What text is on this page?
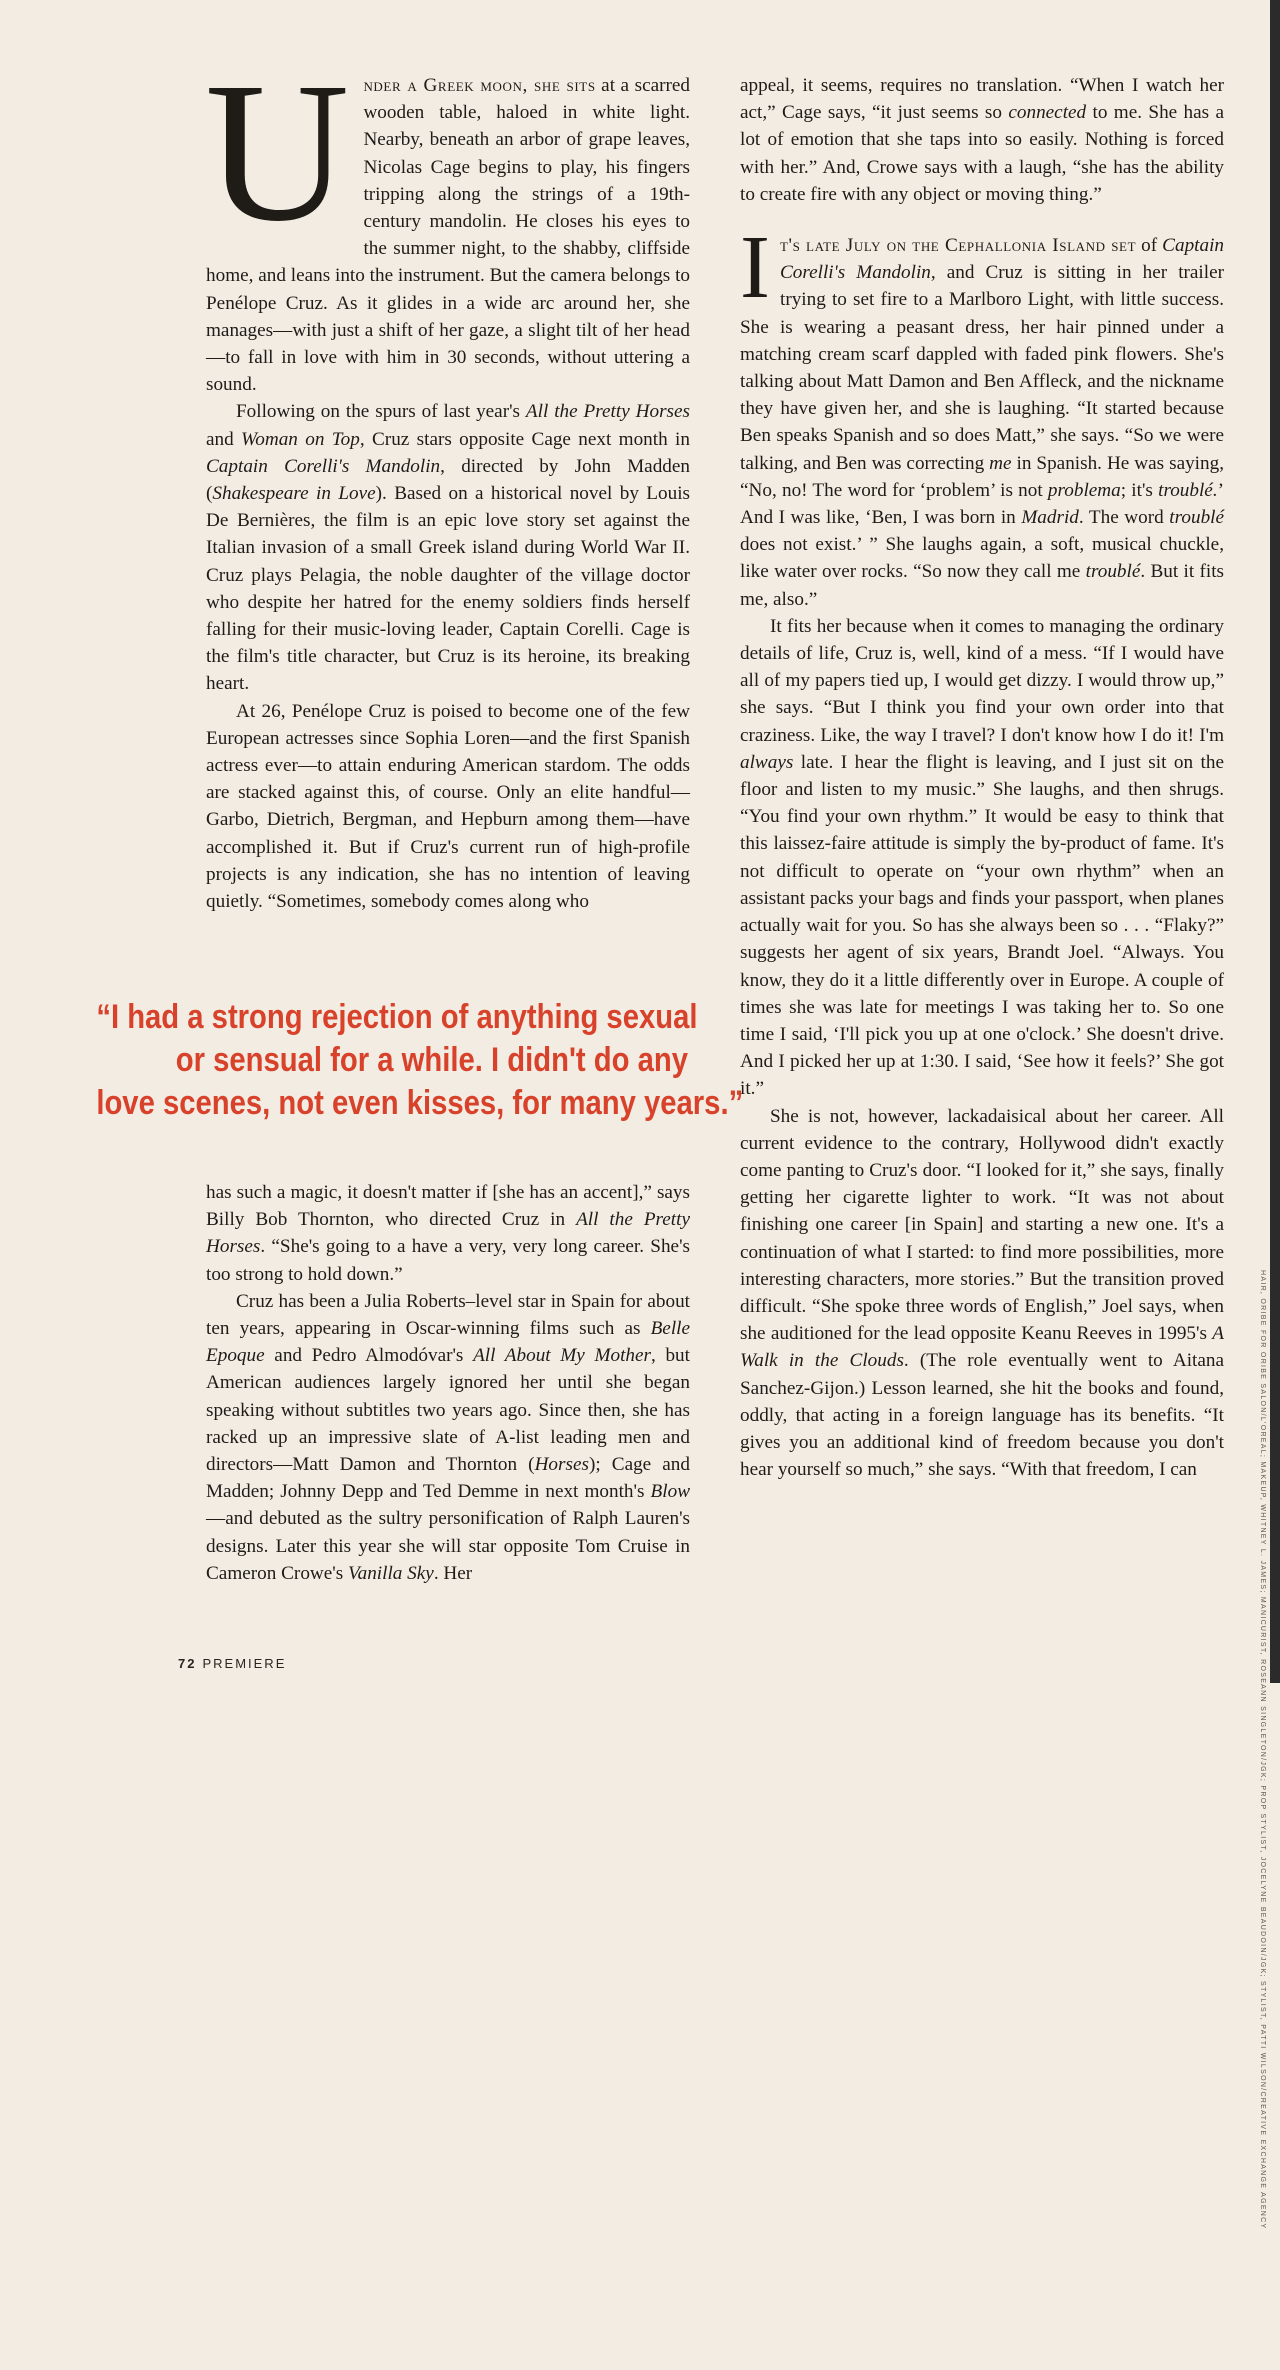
Under a Greek moon, she sits at a scarred wooden table, haloed in white light. Nearby, beneath an arbor of grape leaves, Nicolas Cage begins to play, his fingers tripping along the strings of a 19th-century mandolin. He closes his eyes to the summer night, to the shabby, cliffside home, and leans into the instrument. But the camera belongs to Penélope Cruz. As it glides in a wide arc around her, she manages—with just a shift of her gaze, a slight tilt of her head—to fall in love with him in 30 seconds, without uttering a sound.

Following on the spurs of last year's All the Pretty Horses and Woman on Top, Cruz stars opposite Cage next month in Captain Corelli's Mandolin, directed by John Madden (Shakespeare in Love). Based on a historical novel by Louis De Bernières, the film is an epic love story set against the Italian invasion of a small Greek island during World War II. Cruz plays Pelagia, the noble daughter of the village doctor who despite her hatred for the enemy soldiers finds herself falling for their music-loving leader, Captain Corelli. Cage is the film's title character, but Cruz is its heroine, its breaking heart.

At 26, Penélope Cruz is poised to become one of the few European actresses since Sophia Loren—and the first Spanish actress ever—to attain enduring American stardom. The odds are stacked against this, of course. Only an elite handful—Garbo, Dietrich, Bergman, and Hepburn among them—have accomplished it. But if Cruz's current run of high-profile projects is any indication, she has no intention of leaving quietly. “Sometimes, somebody comes along who

“I had a strong rejection of anything sexual
or sensual for a while. I didn't do any
love scenes, not even kisses, for many years.”

has such a magic, it doesn't matter if [she has an accent],” says Billy Bob Thornton, who directed Cruz in All the Pretty Horses. “She's going to a have a very, very long career. She's too strong to hold down.”

Cruz has been a Julia Roberts–level star in Spain for about ten years, appearing in Oscar-winning films such as Belle Epoque and Pedro Almodóvar's All About My Mother, but American audiences largely ignored her until she began speaking without subtitles two years ago. Since then, she has racked up an impressive slate of A-list leading men and directors—Matt Damon and Thornton (Horses); Cage and Madden; Johnny Depp and Ted Demme in next month's Blow—and debuted as the sultry personification of Ralph Lauren's designs. Later this year she will star opposite Tom Cruise in Cameron Crowe's Vanilla Sky. Her

appeal, it seems, requires no translation. “When I watch her act,” Cage says, “it just seems so connected to me. She has a lot of emotion that she taps into so easily. Nothing is forced with her.” And, Crowe says with a laugh, “she has the ability to create fire with any object or moving thing.”

It's late July on the Cephallonia Island set of Captain Corelli's Mandolin, and Cruz is sitting in her trailer trying to set fire to a Marlboro Light, with little success. She is wearing a peasant dress, her hair pinned under a matching cream scarf dappled with faded pink flowers. She's talking about Matt Damon and Ben Affleck, and the nickname they have given her, and she is laughing. “It started because Ben speaks Spanish and so does Matt,” she says. “So we were talking, and Ben was correcting me in Spanish. He was saying, “No, no! The word for ‘problem’ is not problema; it's troublé.’ And I was like, ‘Ben, I was born in Madrid. The word troublé does not exist.’ ” She laughs again, a soft, musical chuckle, like water over rocks. “So now they call me troublé. But it fits me, also.”

It fits her because when it comes to managing the ordinary details of life, Cruz is, well, kind of a mess. “If I would have all of my papers tied up, I would get dizzy. I would throw up,” she says. “But I think you find your own order into that craziness. Like, the way I travel? I don't know how I do it! I'm always late. I hear the flight is leaving, and I just sit on the floor and listen to my music.” She laughs, and then shrugs. “You find your own rhythm.” It would be easy to think that this laissez-faire attitude is simply the by-product of fame. It's not difficult to operate on “your own rhythm” when an assistant packs your bags and finds your passport, when planes actually wait for you. So has she always been so . . . “Flaky?” suggests her agent of six years, Brandt Joel. “Always. You know, they do it a little differently over in Europe. A couple of times she was late for meetings I was taking her to. So one time I said, ‘I'll pick you up at one o'clock.’ She doesn't drive. And I picked her up at 1:30. I said, ‘See how it feels?’ She got it.”

She is not, however, lackadaisical about her career. All current evidence to the contrary, Hollywood didn't exactly come panting to Cruz's door. “I looked for it,” she says, finally getting her cigarette lighter to work. “It was not about finishing one career [in Spain] and starting a new one. It's a continuation of what I started: to find more possibilities, more interesting characters, more stories.” But the transition proved difficult. “She spoke three words of English,” Joel says, when she auditioned for the lead opposite Keanu Reeves in 1995's A Walk in the Clouds. (The role eventually went to Aitana Sanchez-Gijon.) Lesson learned, she hit the books and found, oddly, that acting in a foreign language has its benefits. “It gives you an additional kind of freedom because you don't hear yourself so much,” she says. “With that freedom, I can	HAIR, ORIBE FOR ORIBE SALON/L'OREAL; MAKEUP, WHITNEY L. JAMES; MANICURIST, ROSEANN SINGLETON/JGK; PROP STYLIST, JOCELYNE BEAUDOIN/JGK; STYLIST, PATTI WILSON/CREATIVE EXCHANGE AGENCY
72 PREMIERE
